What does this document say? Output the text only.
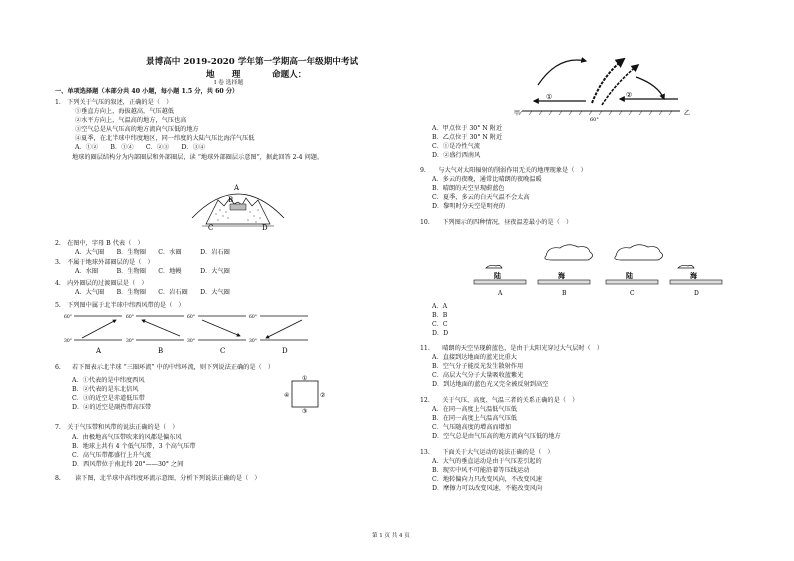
景博高中 2019-2020 学年第一学期高一年级期中考试
地　　理	命题人：
Ⅰ 卷 选择题
一、单项选择题（本部分共 40 小题，每小题 1.5 分，共 60 分）
1.　下列关于气压的叙述，正确的是（　）
①垂直方向上，海拔越高，气压越低
②水平方向上，气温高的地方，气压也高
③空气总是从气压高的地方流向气压低的地方
④夏季，在北半球中纬度地区，同一纬度的大陆气压比海洋气压低
A．①②　　B．①④　　C．②③　　D．③④
地球的圈层结构分为内部圈层和外部圈层，读 “地球外部圈层示意图”，据此回答 2-4 问题。
A
B
C	D
2.　在图中，字母 B 代表（　）
A．大气圈　　B．生物圈　　C．水圈　　　D．岩石圈
3.　不属于地球外部圈层的是（　）
A．水圈　　　B．生物圈　　C．地幔　　　D．大气圈
4.　内外圈层的过渡圈层是（　）
A．大气圈　　B．生物圈　　C．岩石圈　　D．大气圈
5.　下列图中属于北半球中纬西风带的是（　）
60°
30°
60°
30°
60°
30°
60°
30°
A	B	C	D
6. 若下图表示北半球 “三圈环流” 中的中纬环流，则下列说法正确的是（　）
A．①代表的是中纬度西风
B．②代表的是东北信风
C．③的近空是赤道低压带
D．④的近空是副热带高压带
①
②
③
④
7.　关于气压带和风带的说法正确的是（　）
A．由极地高气压带吹来的风都是偏东风
B．地球上共有 4 个低气压带，3 个高气压带
C．高气压带都盛行上升气流
D．西风带位于南北纬 20°——30° 之间
8. 读下图，北半球中高纬度环流示意图，分析下列说法正确的是（　）
①	②
60°
甲	乙
A．甲点位于 30° N 附近
B．乙点位于 30° N 附近
C．①是冷性气流
D．②盛行西南风
9.　　与大气对太阳辐射的削弱作用无关的地理现象是（　）
A．多云的夜晚，通常比晴朗的夜晚温暖
B．晴朗的天空呈现蔚蓝色
C．夏季，多云的白天气温不会太高
D．黎明时分天空是明亮的
10.　　下列图示的四种情况，昼夜温差最小的是（　）
陆	海	陆	海
A	B	C	D
A．A
B．B
C．C
D．D
11.　　晴朗的天空呈现蔚蓝色，是由于太阳光穿过大气层时（　）
A．直接到达地面的蓝光比重大
B．空气分子能反光发生散射作用
C．高层大气分子大量吸收蓝紫光
D．到达地面的蓝色光又完全被反射到高空
12.　　关于气压、高度、气温三者的关系正确的是（　）
A．在同一高度上气温低气压低
B．在同一高度上气温高气压低
C．气压随高度的增高而增加
D．空气总是由气压高的地方流向气压低的地方
13.　　下面关于大气运动的说法正确的是（　）
A．大气的垂直运动是由于气压差引起的
B．现实中风不可能沿着等压线运动
C．地转偏向力只改变风向，不改变风速
D．摩擦力可以改变风速，不能改变风向
第 1 页 共 4 页
